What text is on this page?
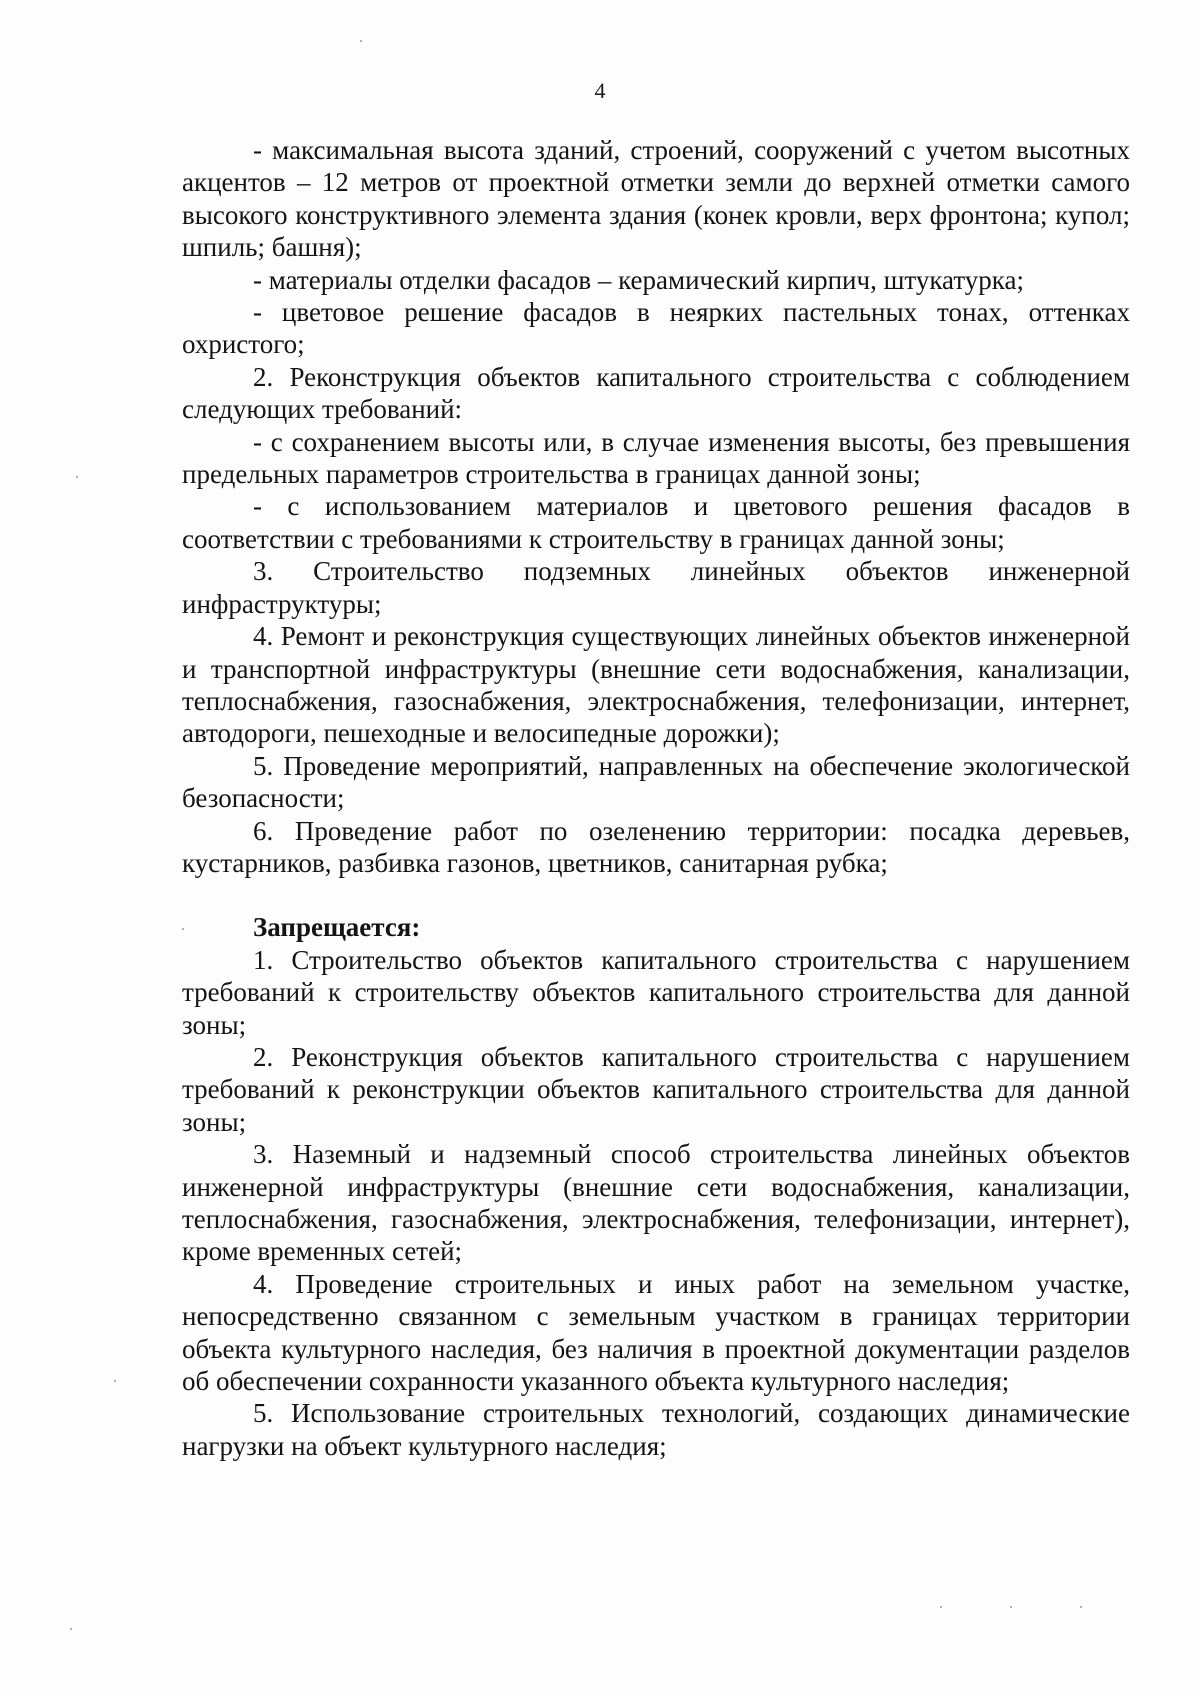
4

- максимальная высота зданий, строений, сооружений с учетом высотных акцентов – 12 метров от проектной отметки земли до верхней отметки самого высокого конструктивного элемента здания (конек кровли, верх фронтона; купол; шпиль; башня);

- материалы отделки фасадов – керамический кирпич, штукатурка;

- цветовое решение фасадов в неярких пастельных тонах, оттенках охристого;

2. Реконструкция объектов капитального строительства с соблюдением следующих требований:

- с сохранением высоты или, в случае изменения высоты, без превышения предельных параметров строительства в границах данной зоны;

- с использованием материалов и цветового решения фасадов в соответствии с требованиями к строительству в границах данной зоны;

3. Строительство подземных линейных объектов инженерной инфраструктуры;

4. Ремонт и реконструкция существующих линейных объектов инженерной и транспортной инфраструктуры (внешние сети водоснабжения, канализации, теплоснабжения, газоснабжения, электроснабжения, телефонизации, интернет, автодороги, пешеходные и велосипедные дорожки);

5. Проведение мероприятий, направленных на обеспечение экологической безопасности;

6. Проведение работ по озеленению территории: посадка деревьев, кустарников, разбивка газонов, цветников, санитарная рубка;

Запрещается:

1. Строительство объектов капитального строительства с нарушением требований к строительству объектов капитального строительства для данной зоны;

2. Реконструкция объектов капитального строительства с нарушением требований к реконструкции объектов капитального строительства для данной зоны;

3. Наземный и надземный способ строительства линейных объектов инженерной инфраструктуры (внешние сети водоснабжения, канализации, теплоснабжения, газоснабжения, электроснабжения, телефонизации, интернет), кроме временных сетей;

4. Проведение строительных и иных работ на земельном участке, непосредственно связанном с земельным участком в границах территории объекта культурного наследия, без наличия в проектной документации разделов об обеспечении сохранности указанного объекта культурного наследия;

5. Использование строительных технологий, создающих динамические нагрузки на объект культурного наследия;
